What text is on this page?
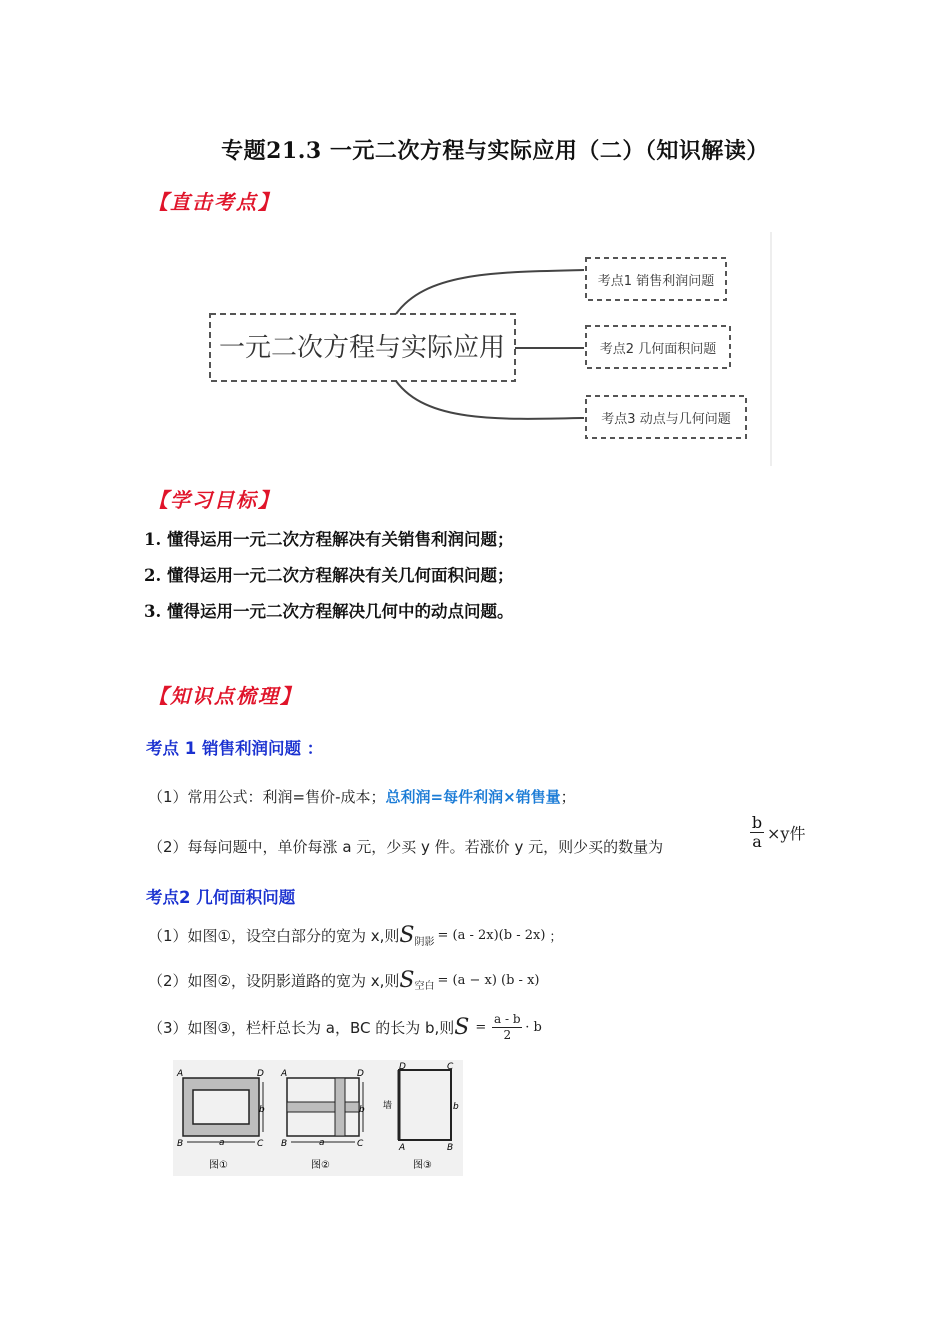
专题21.3 一元二次方程与实际应用（二）（知识解读）
【直击考点】
一元二次方程与实际应用
考点1 销售利润问题
考点2 几何面积问题
考点3 动点与几何问题
【学习目标】
1. 懂得运用一元二次方程解决有关销售利润问题；
2. 懂得运用一元二次方程解决有关几何面积问题；
3. 懂得运用一元二次方程解决几何中的动点问题。
【知识点梳理】
考点 1 销售利润问题 ：
（1）常用公式：利润=售价-成本；总利润=每件利润×销售量；
（2）每每问题中，单价每涨 a 元，少买 y 件。若涨价 y 元，则少买的数量为	$\frac{b}{a} \times y$件
考点2 几何面积问题
（1）如图①，设空白部分的宽为 x,则 S 阴影 = (a - 2x)(b - 2x) ；
（2）如图②，设阴影道路的宽为 x,则 S 空白 = (a − x) (b - x)
（3）如图③，栏杆总长为 a，BC 的长为 b,则 $S = \frac{a - b}{2} \cdot b$
A
B	C
D
a
b
图①
A
B	C
D
a
b
图②
墙
D	C
A	B
b
图③
